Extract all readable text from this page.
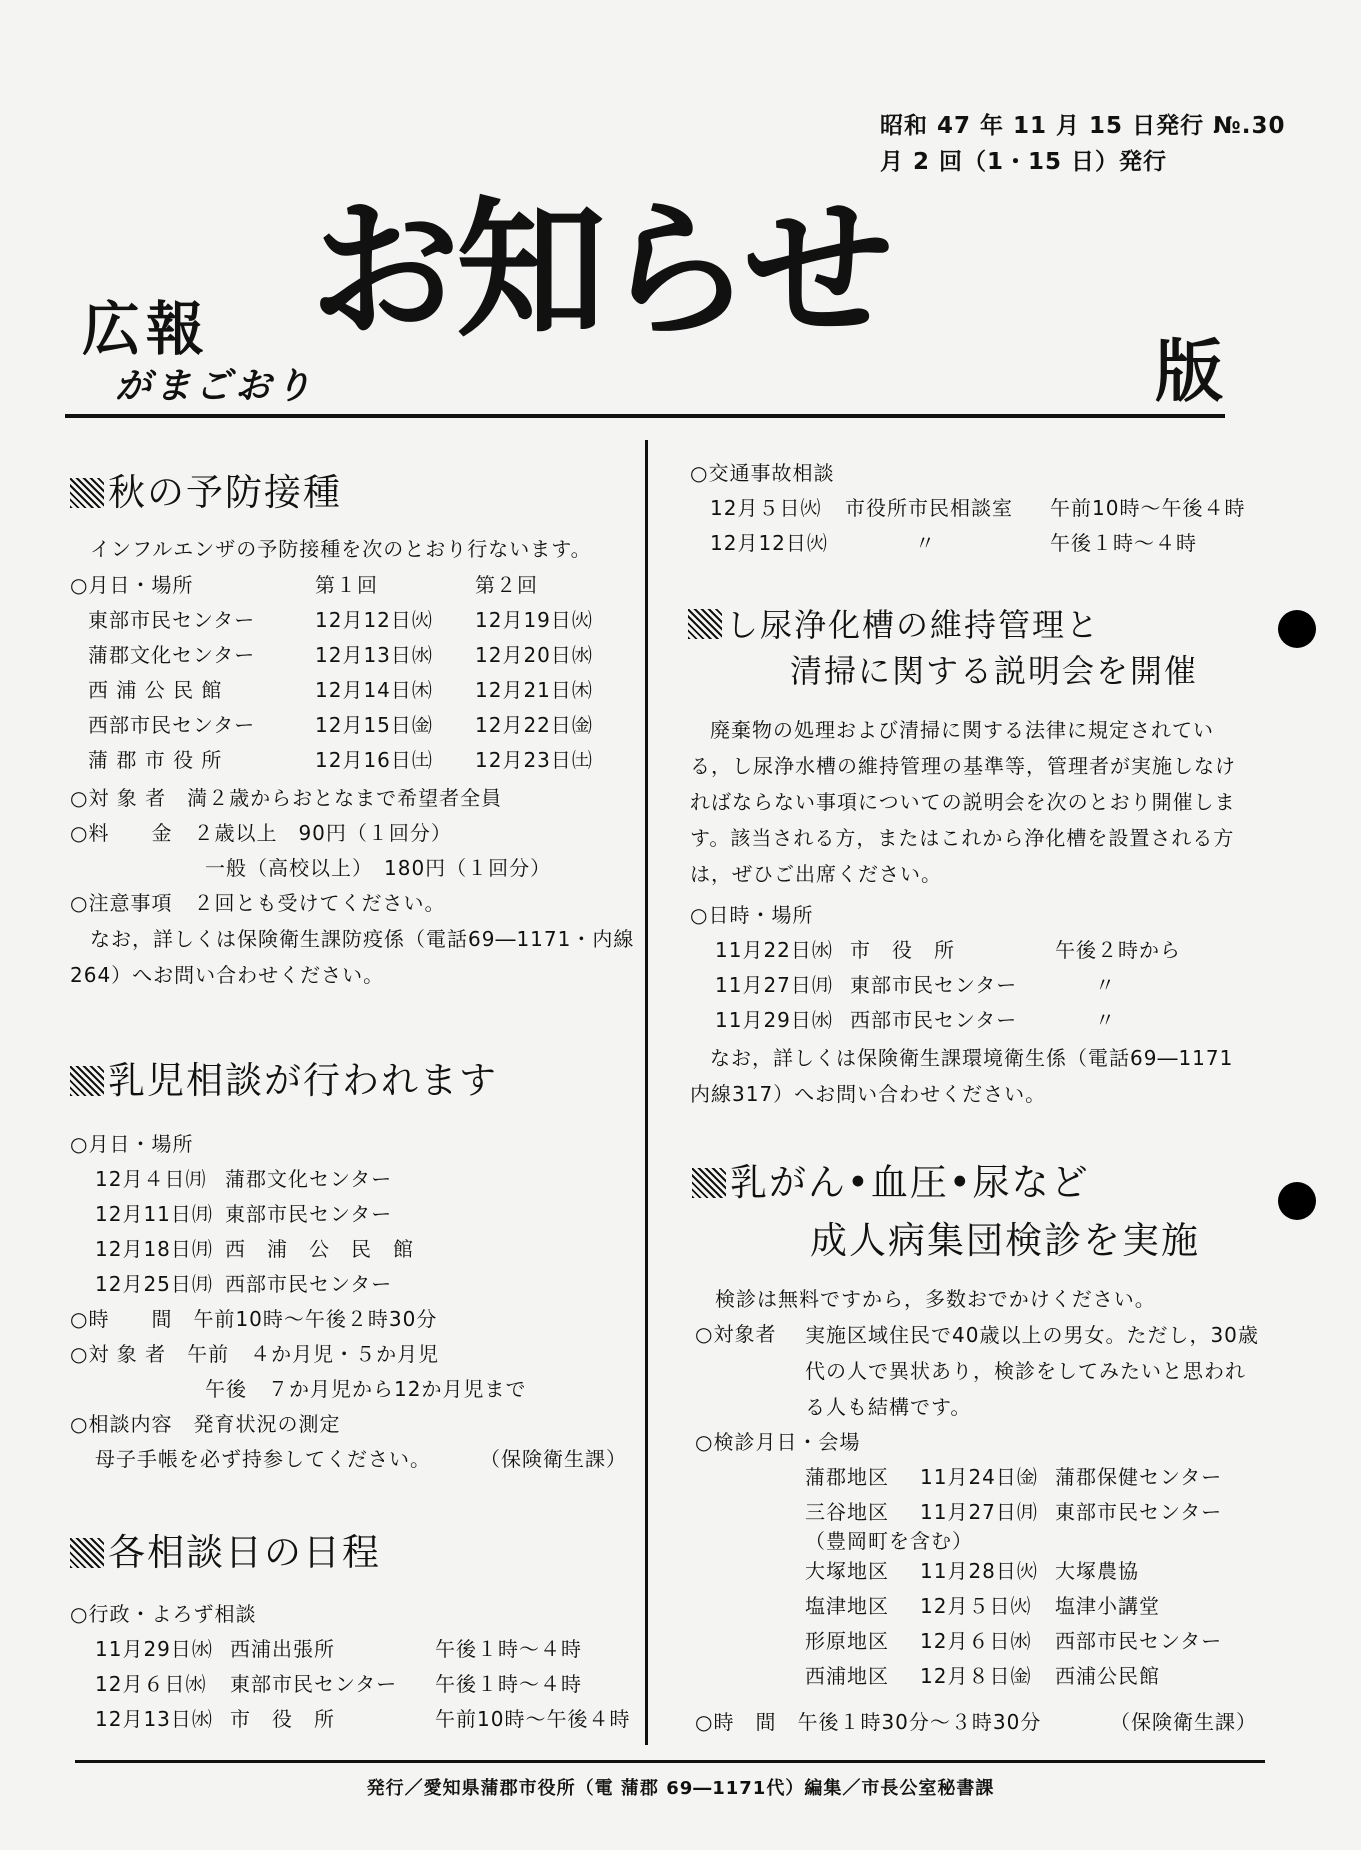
昭和 47 年 11 月 15 日発行 №.30
月 2 回（1・15 日）発行
広報
がまごおり
お知らせ
版
秋の予防接種
インフルエンザの予防接種を次のとおり行ないます。
○月日・場所	第１回	第２回
東部市民センター	12月12日㈫ 12月19日㈫
蒲郡文化センター	12月13日㈬ 12月20日㈬
西 浦 公 民 館	12月14日㈭ 12月21日㈭
西部市民センター	12月15日㈮ 12月22日㈮
蒲 郡 市 役 所	12月16日㈯ 12月23日㈯
○対 象 者　満２歳からおとなまで希望者全員
○料　　金　２歳以上　90円（１回分）
一般（高校以上）　180円（１回分）
○注意事項　２回とも受けてください。
なお，詳しくは保険衛生課防疫係（電話69―1171・内線 264）へお問い合わせください。
乳児相談が行われます
○月日・場所
12月４日㈪ 蒲郡文化センター
12月11日㈪ 東部市民センター
12月18日㈪ 西　浦　公　民　館
12月25日㈪ 西部市民センター
○時　　間　午前10時～午後２時30分
○対 象 者　午前　４か月児・５か月児
午後　７か月児から12か月児まで
○相談内容　発育状況の測定
母子手帳を必ず持参してください。 （保険衛生課）
各相談日の日程
○行政・よろず相談
11月29日㈬ 西浦出張所	午後１時～４時
12月６日㈬ 東部市民センター 午後１時～４時
12月13日㈬ 市　役　所	午前10時～午後４時
○交通事故相談
12月５日㈫ 市役所市民相談室 午前10時～午後４時
12月12日㈫	〃	午後１時～４時
し尿浄化槽の維持管理と
清掃に関する説明会を開催
廃棄物の処理および清掃に関する法律に規定されている，し尿浄水槽の維持管理の基準等，管理者が実施しなければならない事項についての説明会を次のとおり開催します。該当される方，またはこれから浄化槽を設置される方は，ぜひご出席ください。
○日時・場所
11月22日㈬ 市　役　所	午後２時から
11月27日㈪ 東部市民センター	〃
11月29日㈬ 西部市民センター	〃
なお，詳しくは保険衛生課環境衛生係（電話69―1171 内線317）へお問い合わせください。
乳がん•血圧•尿など
成人病集団検診を実施
検診は無料ですから，多数おでかけください。
○対象者 実施区域住民で40歳以上の男女。ただし，30歳代の人で異状あり，検診をしてみたいと思われる人も結構です。
○検診月日・会場
蒲郡地区 11月24日㈮ 蒲郡保健センター
三谷地区 11月27日㈪ 東部市民センター
（豊岡町を含む）
大塚地区 11月28日㈫ 大塚農協
塩津地区 12月５日㈫ 塩津小講堂
形原地区 12月６日㈬ 西部市民センター
西浦地区 12月８日㈮ 西浦公民館
○時　間　午後１時30分～３時30分	（保険衛生課）
発行／愛知県蒲郡市役所（電 蒲郡 69―1171代）編集／市長公室秘書課
